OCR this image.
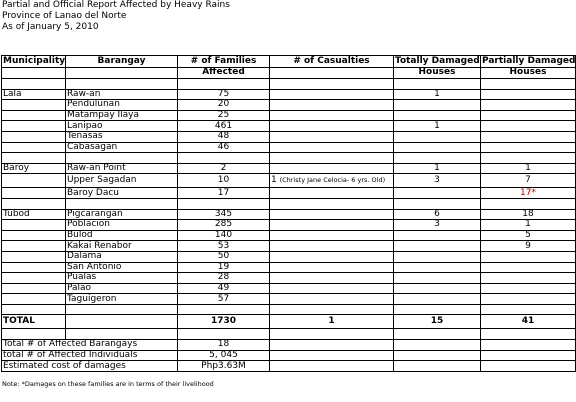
Partial and Official Report Affected by Heavy Rains
Province of Lanao del Norte
As of January 5, 2010
Municipality	Barangay	# of Families	# of Casualties	Totally Damaged	Partially Damaged
		Affected		Houses	Houses

Lala	Raw-an	75		1	
	Pendulunan	20			
	Matampay Ilaya	25			
	Lanipao	461		1	
	Tenasas	48			
	Cabasagan	46			

Baroy	Raw-an Point	2		1	1
	Upper Sagadan	10	1 (Christy Jane Celocia- 6 yrs. Old)	3	7
	Baroy Dacu	17			17*

Tubod	Pigcarangan	345		6	18
	Poblacion	285		3	1
	Bulod	140			5
	Kakai Renabor	53			9
	Dalama	50			
	San Antonio	19			
	Pualas	28			
	Palao	49			
	Taguigeron	57			

TOTAL		1730	1	15	41

Total # of Affected Barangays		18			
total # of Affected Individuals		5, 045			
Estimated cost of damages		Php3.63M			
Note: *Damages on these families are in terms of their livelihood
